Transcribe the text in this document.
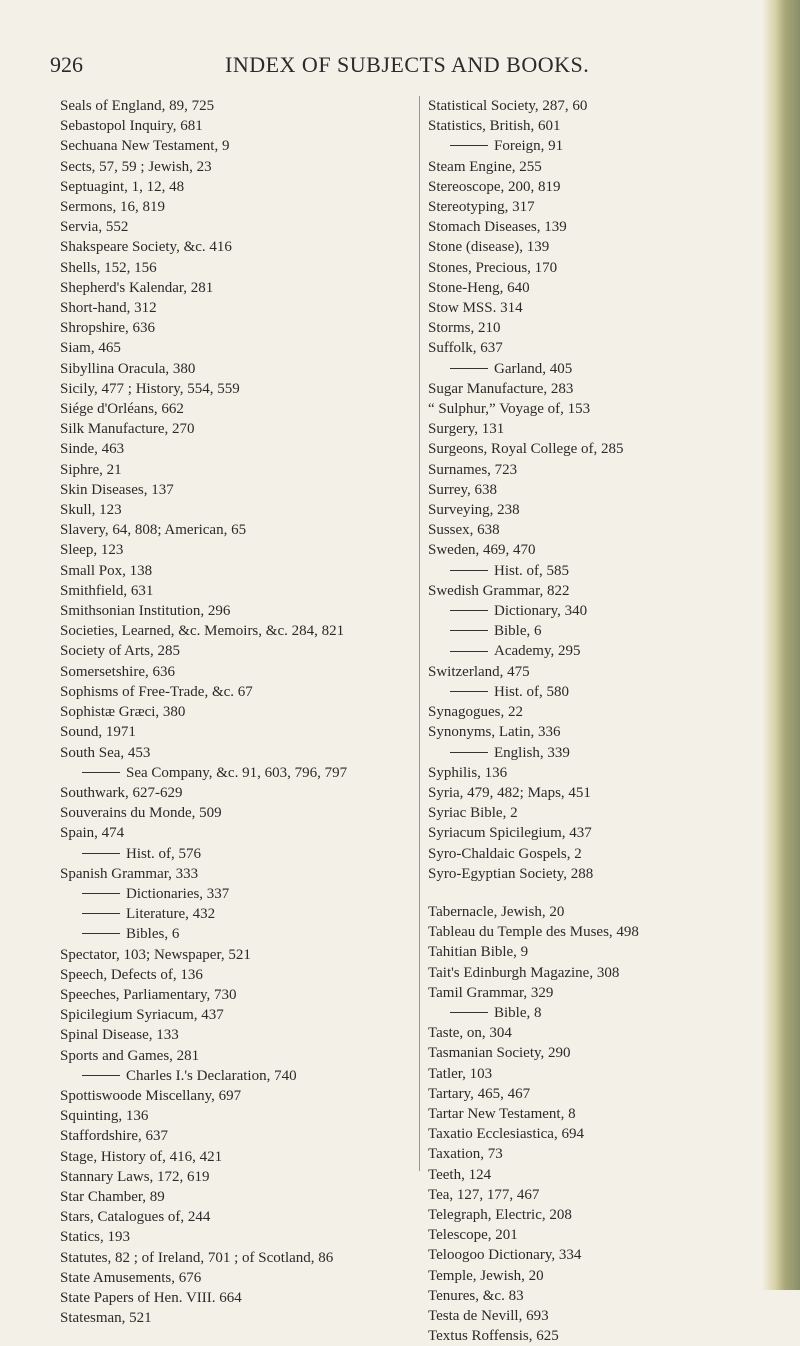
926	INDEX OF SUBJECTS AND BOOKS.
Seals of England, 89, 725
Sebastopol Inquiry, 681
Sechuana New Testament, 9
Sects, 57, 59 ; Jewish, 23
Septuagint, 1, 12, 48
Sermons, 16, 819
Servia, 552
Shakspeare Society, &c. 416
Shells, 152, 156
Shepherd's Kalendar, 281
Short-hand, 312
Shropshire, 636
Siam, 465
Sibyllina Oracula, 380
Sicily, 477 ; History, 554, 559
Siége d'Orléans, 662
Silk Manufacture, 270
Sinde, 463
Siphre, 21
Skin Diseases, 137
Skull, 123
Slavery, 64, 808; American, 65
Sleep, 123
Small Pox, 138
Smithfield, 631
Smithsonian Institution, 296
Societies, Learned, &c. Memoirs, &c. 284, 821
Society of Arts, 285
Somersetshire, 636
Sophisms of Free-Trade, &c. 67
Sophistæ Græci, 380
Sound, 1971
South Sea, 453
Sea Company, &c. 91, 603, 796, 797
Southwark, 627-629
Souverains du Monde, 509
Spain, 474
Hist. of, 576
Spanish Grammar, 333
Dictionaries, 337
Literature, 432
Bibles, 6
Spectator, 103; Newspaper, 521
Speech, Defects of, 136
Speeches, Parliamentary, 730
Spicilegium Syriacum, 437
Spinal Disease, 133
Sports and Games, 281
Charles I.'s Declaration, 740
Spottiswoode Miscellany, 697
Squinting, 136
Staffordshire, 637
Stage, History of, 416, 421
Stannary Laws, 172, 619
Star Chamber, 89
Stars, Catalogues of, 244
Statics, 193
Statutes, 82 ; of Ireland, 701 ; of Scotland, 86
State Amusements, 676
State Papers of Hen. VIII. 664
Statesman, 521
Statistical Society, 287, 60
Statistics, British, 601
Foreign, 91
Steam Engine, 255
Stereoscope, 200, 819
Stereotyping, 317
Stomach Diseases, 139
Stone (disease), 139
Stones, Precious, 170
Stone-Heng, 640
Stow MSS. 314
Storms, 210
Suffolk, 637
Garland, 405
Sugar Manufacture, 283
“ Sulphur,” Voyage of, 153
Surgery, 131
Surgeons, Royal College of, 285
Surnames, 723
Surrey, 638
Surveying, 238
Sussex, 638
Sweden, 469, 470
Hist. of, 585
Swedish Grammar, 822
Dictionary, 340
Bible, 6
Academy, 295
Switzerland, 475
Hist. of, 580
Synagogues, 22
Synonyms, Latin, 336
English, 339
Syphilis, 136
Syria, 479, 482; Maps, 451
Syriac Bible, 2
Syriacum Spicilegium, 437
Syro-Chaldaic Gospels, 2
Syro-Egyptian Society, 288
Tabernacle, Jewish, 20
Tableau du Temple des Muses, 498
Tahitian Bible, 9
Tait's Edinburgh Magazine, 308
Tamil Grammar, 329
Bible, 8
Taste, on, 304
Tasmanian Society, 290
Tatler, 103
Tartary, 465, 467
Tartar New Testament, 8
Taxatio Ecclesiastica, 694
Taxation, 73
Teeth, 124
Tea, 127, 177, 467
Telegraph, Electric, 208
Telescope, 201
Teloogoo Dictionary, 334
Temple, Jewish, 20
Tenures, &c. 83
Testa de Nevill, 693
Textus Roffensis, 625
